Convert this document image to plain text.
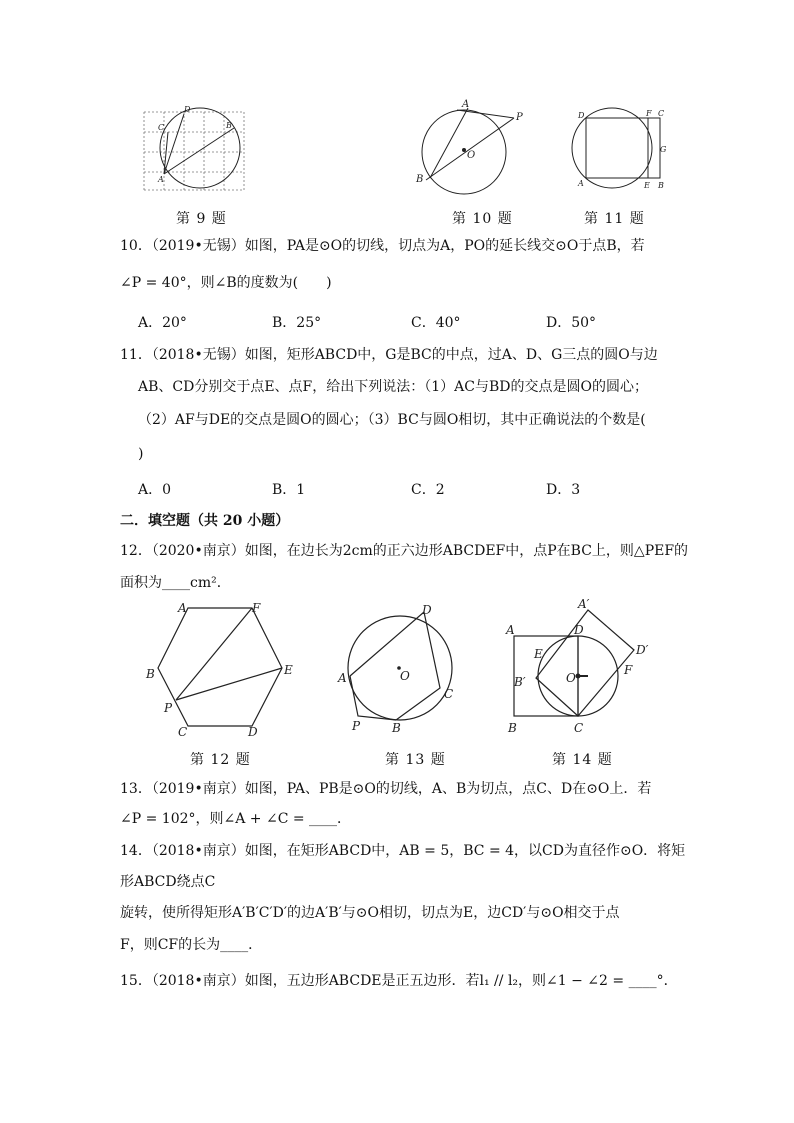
C
D
B
A
第 9 题
A
P
O
B
第 10 题
D	F C
G
A	E B
第 11 题
10．（2019•无锡）如图，PA是⊙O的切线，切点为A，PO的延长线交⊙O于点B，若
∠P = 40°，则∠B的度数为(　　)
A．20°	B．25°	C．40°	D．50°
11．（2018•无锡）如图，矩形ABCD中，G是BC的中点，过A、D、G三点的圆O与边
AB、CD分别交于点E、点F，给出下列说法：（1）AC与BD的交点是圆O的圆心；
（2）AF与DE的交点是圆O的圆心；（3）BC与圆O相切，其中正确说法的个数是(
)
A．0	B．1	C．2	D．3
二．填空题（共 20 小题）
12．（2020•南京）如图，在边长为2cm的正六边形ABCDEF中，点P在BC上，则△PEF的
面积为____cm²．
A	F
B	E
P
C	D
第 12 题
D
O
A
C
P	B
第 13 题
A′
A	D
D′
E
F
B′	O
B	C
第 14 题
13．（2019•南京）如图，PA、PB是⊙O的切线，A、B为切点，点C、D在⊙O上．若
∠P = 102°，则∠A + ∠C = ____．
14．（2018•南京）如图，在矩形ABCD中，AB = 5，BC = 4，以CD为直径作⊙O．将矩
形ABCD绕点C
旋转，使所得矩形A′B′C′D′的边A′B′与⊙O相切，切点为E，边CD′与⊙O相交于点
F，则CF的长为____．
15．（2018•南京）如图，五边形ABCDE是正五边形．若l₁ // l₂，则∠1 − ∠2 = ____°．
